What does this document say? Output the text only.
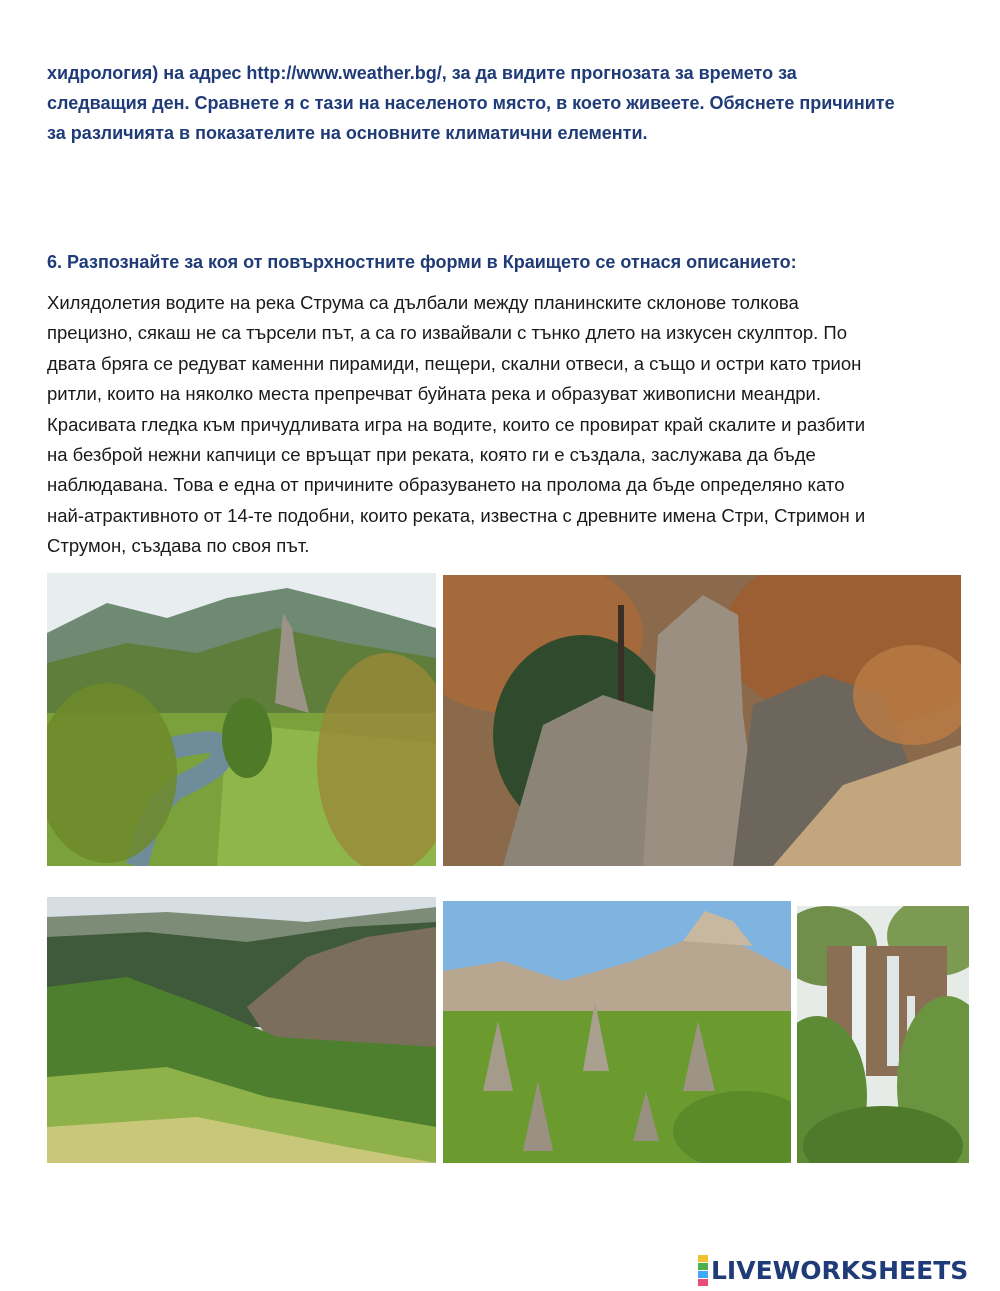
хидрология) на адрес http://www.weather.bg/, за да видите прогнозата за времето за
следващия ден. Сравнете я с тази на населеното място, в което живеете. Обяснете причините
за различията в показателите на основните климатични елементи.
6. Разпознайте за коя от повърхностните форми в Краището се отнася описанието:
Хилядолетия водите на река Струма са дълбали между планинските склонове толкова
прецизно, сякаш не са търсели път, а са го извайвали с тънко длето на изкусен скулптор. По
двата бряга се редуват каменни пирамиди, пещери, скални отвеси, а също и остри като трион
ритли, които на няколко места препречват буйната река и образуват живописни меандри.
Красивата гледка към причудливата игра на водите, които се провират край скалите и разбити
на безброй нежни капчици се връщат при реката, която ги е създала, заслужава да бъде
наблюдавана. Това е една от причините образуването на пролома да бъде определяно като
най-атрактивното от 14-те подобни, които реката, известна с древните имена Стри, Стримон и
Струмон, създава по своя път.
LIVEWORKSHEETS
